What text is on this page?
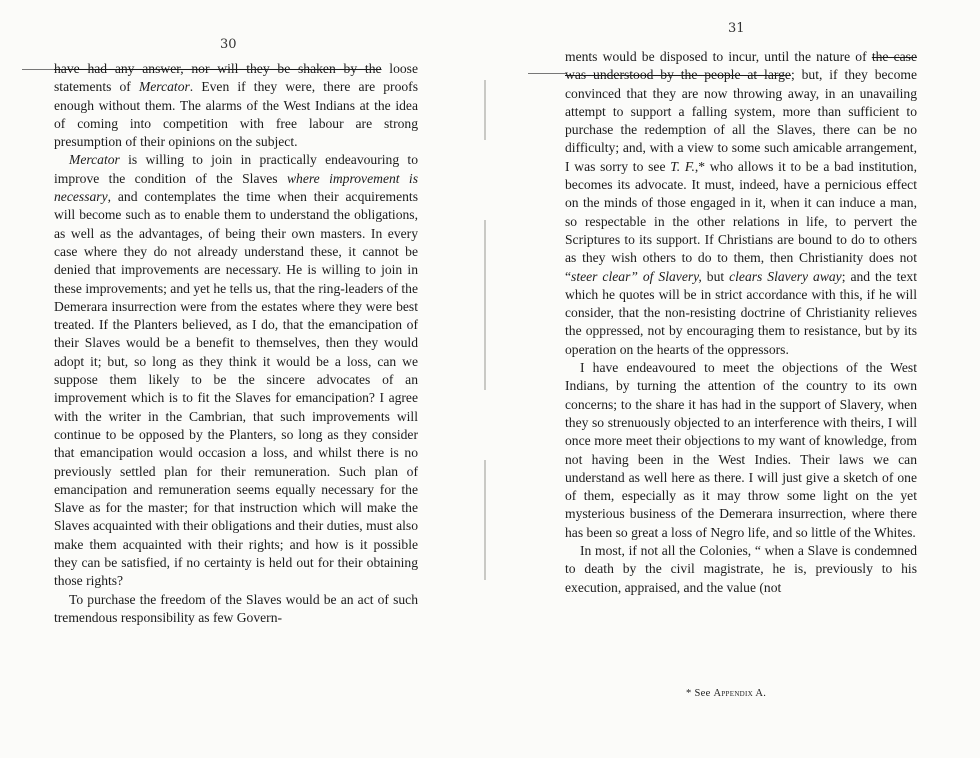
30

have had any answer, nor will they be shaken by the loose statements of Mercator. Even if they were, there are proofs enough without them. The alarms of the West Indians at the idea of coming into competition with free labour are strong presumption of their opinions on the subject.

Mercator is willing to join in practically endeavouring to improve the condition of the Slaves where improvement is necessary, and contemplates the time when their acquirements will become such as to enable them to understand the obligations, as well as the advantages, of being their own masters. In every case where they do not already understand these, it cannot be denied that improvements are necessary. He is willing to join in these improvements; and yet he tells us, that the ring-leaders of the Demerara insurrection were from the estates where they were best treated. If the Planters believed, as I do, that the emancipation of their Slaves would be a benefit to themselves, then they would adopt it; but, so long as they think it would be a loss, can we suppose them likely to be the sincere advocates of an improvement which is to fit the Slaves for emancipation? I agree with the writer in the Cambrian, that such improvements will continue to be opposed by the Planters, so long as they consider that emancipation would occasion a loss, and whilst there is no previously settled plan for their remuneration. Such plan of emancipation and remuneration seems equally necessary for the Slave as for the master; for that instruction which will make the Slaves acquainted with their obligations and their duties, must also make them acquainted with their rights; and how is it possible they can be satisfied, if no certainty is held out for their obtaining those rights?

To purchase the freedom of the Slaves would be an act of such tremendous responsibility as few Govern-

31

ments would be disposed to incur, until the nature of the case was understood by the people at large; but, if they become convinced that they are now throwing away, in an unavailing attempt to support a falling system, more than sufficient to purchase the redemption of all the Slaves, there can be no difficulty; and, with a view to some such amicable arrangement, I was sorry to see T. F.,* who allows it to be a bad institution, becomes its advocate. It must, indeed, have a pernicious effect on the minds of those engaged in it, when it can induce a man, so respectable in the other relations in life, to pervert the Scriptures to its support. If Christians are bound to do to others as they wish others to do to them, then Christianity does not “steer clear” of Slavery, but clears Slavery away; and the text which he quotes will be in strict accordance with this, if he will consider, that the non-resisting doctrine of Christianity relieves the oppressed, not by encouraging them to resistance, but by its operation on the hearts of the oppressors.

I have endeavoured to meet the objections of the West Indians, by turning the attention of the country to its own concerns; to the share it has had in the support of Slavery, when they so strenuously objected to an interference with theirs, I will once more meet their objections to my want of knowledge, from not having been in the West Indies. Their laws we can understand as well here as there. I will just give a sketch of one of them, especially as it may throw some light on the yet mysterious business of the Demerara insurrection, where there has been so great a loss of Negro life, and so little of the Whites.

In most, if not all the Colonies, “ when a Slave is condemned to death by the civil magistrate, he is, previously to his execution, appraised, and the value (not

* See Appendix A.
